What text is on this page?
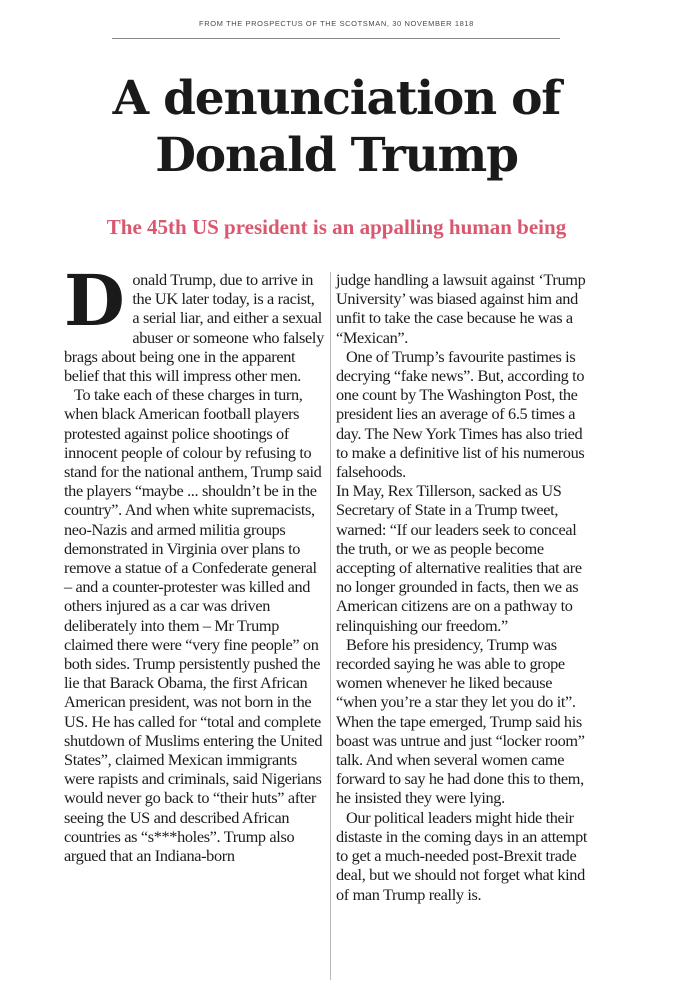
FROM THE PROSPECTUS OF THE SCOTSMAN, 30 NOVEMBER 1818
A denunciation of
Donald Trump
The 45th US president is an appalling human being

Donald Trump, due to arrive in the UK later today, is a racist, a serial liar, and either a sexual abuser or someone who falsely brags about being one in the apparent belief that this will impress other men.

To take each of these charges in turn, when black American football players protested against police shootings of innocent people of colour by refusing to stand for the national anthem, Trump said the players “maybe ... shouldn’t be in the country”. And when white supremacists, neo-Nazis and armed militia groups demonstrated in Virginia over plans to remove a statue of a Confederate general – and a counter-protester was killed and others injured as a car was driven deliberately into them – Mr Trump claimed there were “very fine people” on both sides. Trump persistently pushed the lie that Barack Obama, the first African American president, was not born in the US. He has called for “total and complete shutdown of Muslims entering the United States”, claimed Mexican immigrants were rapists and criminals, said Nigerians would never go back to “their huts” after seeing the US and described African countries as “s***holes”. Trump also argued that an Indiana-born

judge handling a lawsuit against ‘Trump University’ was biased against him and unfit to take the case because he was a “Mexican”.

One of Trump’s favourite pastimes is decrying “fake news”. But, according to one count by The Washington Post, the president lies an average of 6.5 times a day. The New York Times has also tried to make a definitive list of his numerous falsehoods.

In May, Rex Tillerson, sacked as US Secretary of State in a Trump tweet, warned: “If our leaders seek to conceal the truth, or we as people become accepting of alternative realities that are no longer grounded in facts, then we as American citizens are on a pathway to relinquishing our freedom.”

Before his presidency, Trump was recorded saying he was able to grope women whenever he liked because “when you’re a star they let you do it”. When the tape emerged, Trump said his boast was untrue and just “locker room” talk. And when several women came forward to say he had done this to them, he insisted they were lying.

Our political leaders might hide their distaste in the coming days in an attempt to get a much-needed post-Brexit trade deal, but we should not forget what kind of man Trump really is.
